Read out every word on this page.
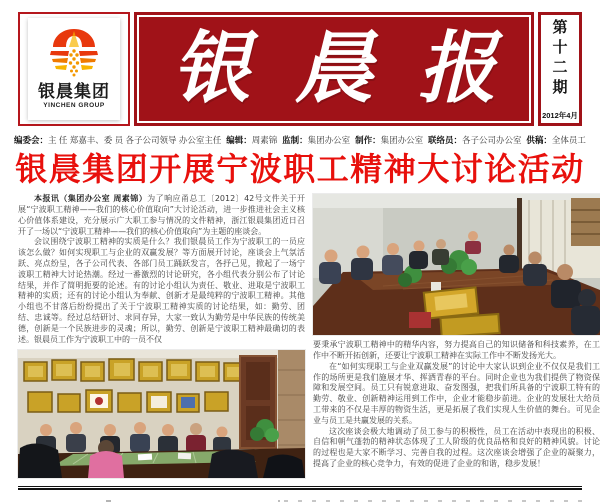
银晨集团
YINCHEN GROUP 银 晨 报	第十二期
2012年4月
编委会：主 任 郑嘉丰、委 员 各子公司领导 办公室主任 编辑：周素锦 监制：集团办公室 制作：集团办公室 联络员：各子公司办公室 供稿：全体员工
银晨集团开展宁波职工精神大讨论活动

本报讯（集团办公室 周素锦）为了响应甬总工〔2012〕42号文件关于开展“宁波职工精神——我们的核心价值取向”大讨论活动，进一步推进社会主义核心价值体系建设，充分展示广大职工参与情况的文件精神，浙江银晨集团近日召开了一场以“宁波职工精神——我们的核心价值取向”为主题的座谈会。

会议围绕宁波职工精神的实质是什么？我们银晨员工作为宁波职工的一员应该怎么做？如何实现职工与企业的双赢发展？等方面展开讨论，座谈会上气氛活跃、亮点纷呈，各子公司代表、各部门员工踊跃发言，各抒己见，掀起了一场宁波职工精神大讨论热潮。经过一番激烈的讨论研究，各小组代表分别公布了讨论结果，并作了简明扼要的论述。有的讨论小组认为责任、敬业、进取是宁波职工精神的实质；还有的讨论小组认为奉献、创新才是最纯粹的宁波职工精神。其他小组也不甘落后纷纷提出了关于宁波职工精神实质的讨论结果，如：勤劳、团结、忠诚等。经过总结研讨、求同存异，大家一致认为勤劳是中华民族的传统美德，创新是一个民族进步的灵魂；所以，勤劳、创新是宁波职工精神最确切的表述。银晨员工作为宁波职工中的一员不仅

要秉承宁波职工精神中的精华内容，努力提高自己的知识储备和科技素养，在工作中不断开拓创新，还要让宁波职工精神在实际工作中不断发扬光大。

在“如何实现职工与企业双赢发展”的讨论中大家认识到企业不仅仅是我们工作的场所更是我们施展才华、挥洒青春的平台。同时企业也为我们提供了物资保障和发展空间。员工只有锐意进取、奋发图强，把我们所具备的宁波职工特有的勤劳、敬业、创新精神运用到工作中，企业才能稳步前进。企业的发展壮大给员工带来的不仅是丰厚的物资生活，更是拓展了我们实现人生价值的舞台。可见企业与员工是共赢发展的关系。

这次座谈会极大地调动了员工参与的积极性，员工在活动中表现出的积极、自信和朝气蓬勃的精神状态体现了工人阶级的优良品格和良好的精神风貌。讨论的过程也是大家不断学习、完善自我的过程。这次座谈会增强了企业的凝聚力，提高了企业的核心竞争力，有效的促进了企业的和谐，稳步发展！
